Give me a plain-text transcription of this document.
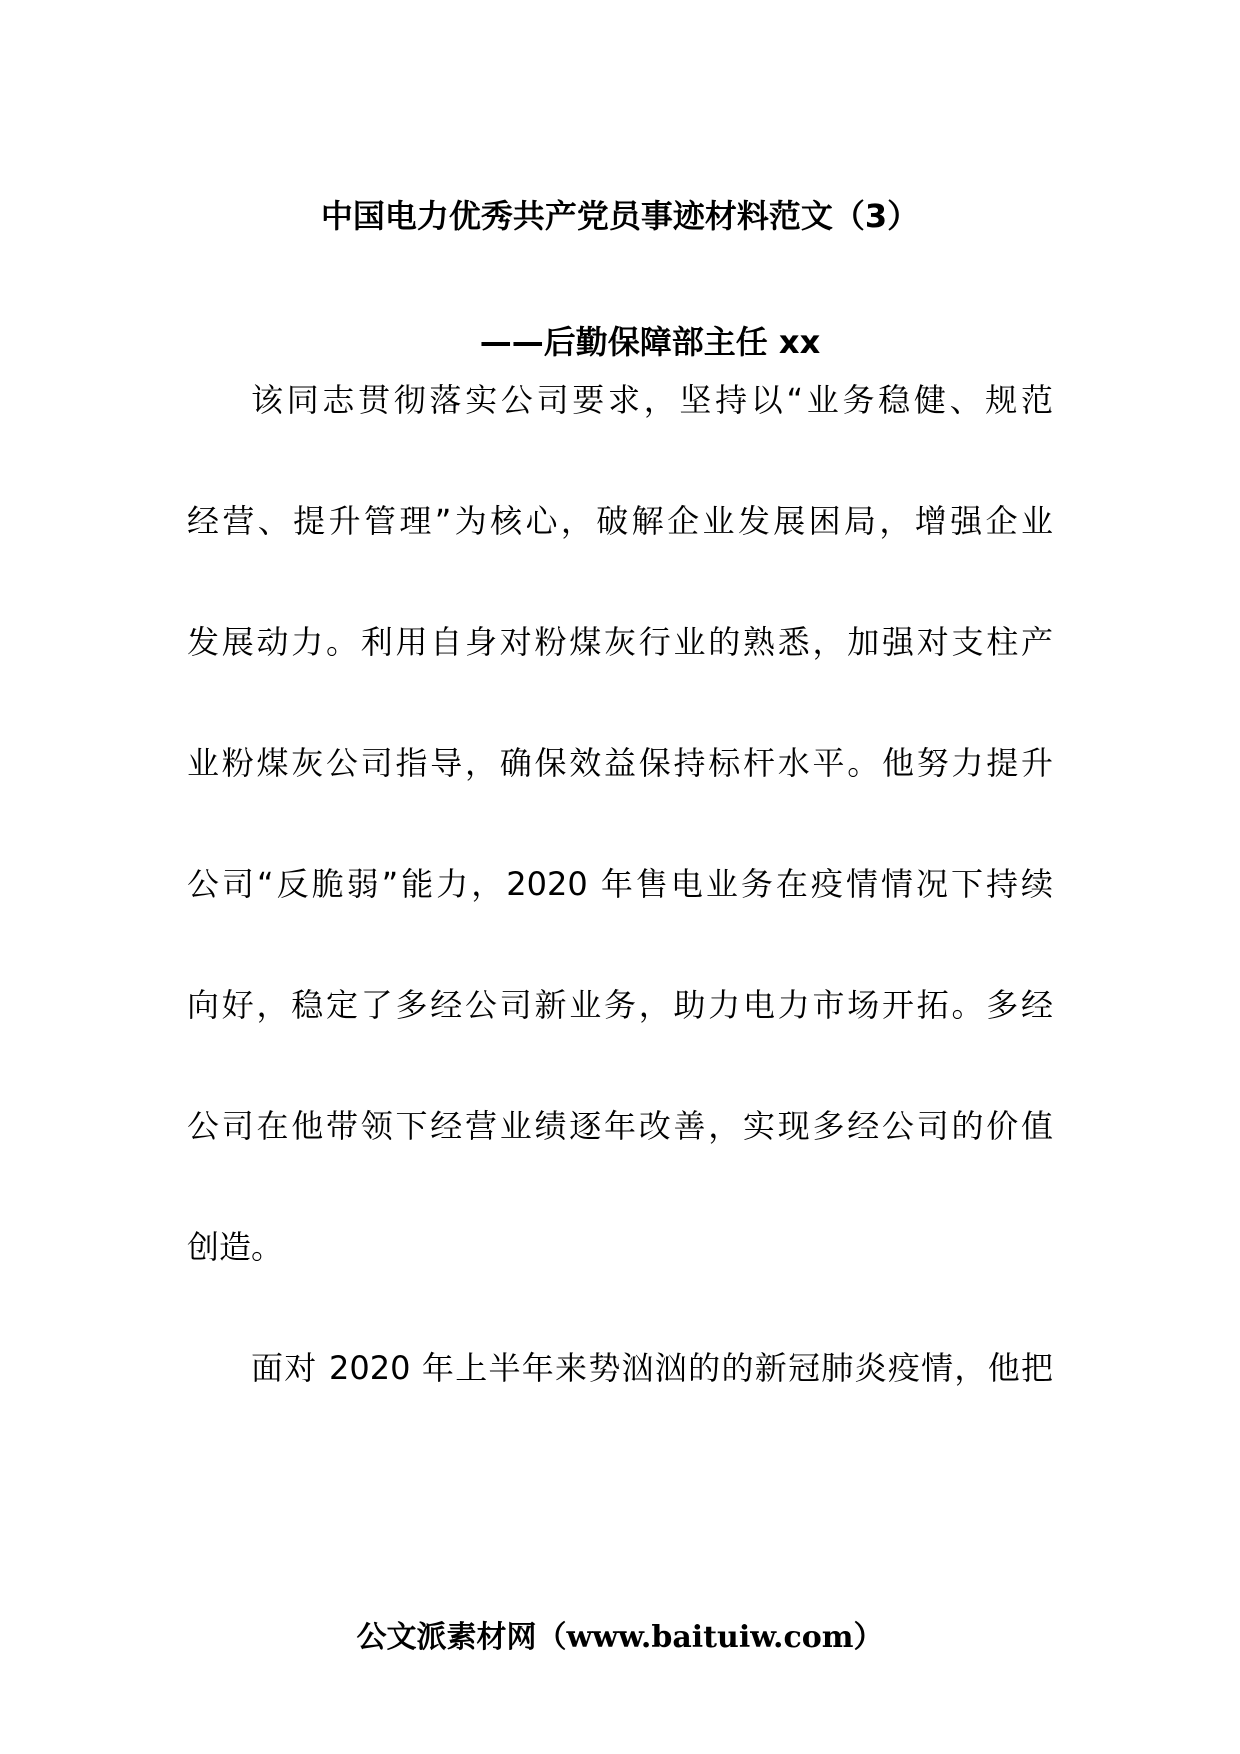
中国电力优秀共产党员事迹材料范文（3）
——后勤保障部主任 xx
该同志贯彻落实公司要求，坚持以“业务稳健、规范
经营、提升管理”为核心，破解企业发展困局，增强企业
发展动力。利用自身对粉煤灰行业的熟悉，加强对支柱产
业粉煤灰公司指导，确保效益保持标杆水平。他努力提升
公司“反脆弱”能力，2020 年售电业务在疫情情况下持续
向好，稳定了多经公司新业务，助力电力市场开拓。多经
公司在他带领下经营业绩逐年改善，实现多经公司的价值
创造。
面对 2020 年上半年来势汹汹的的新冠肺炎疫情，他把
公文派素材网（www.baituiw.com）
